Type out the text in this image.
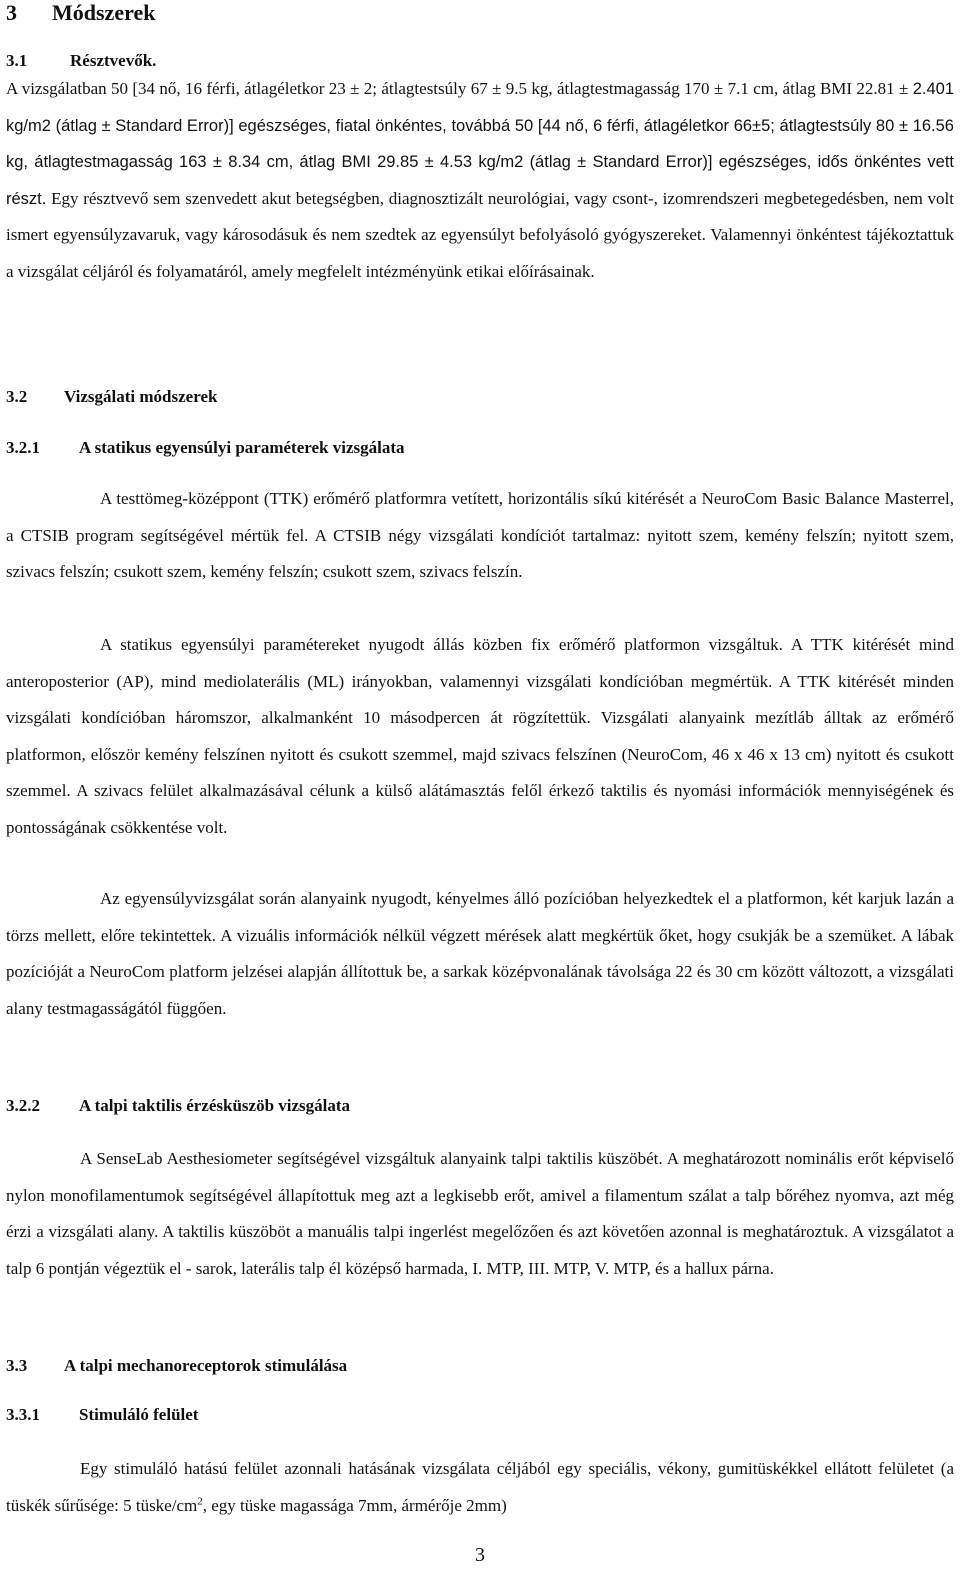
3 Módszerek
3.1	Résztvevők.

A vizsgálatban 50 [34 nő, 16 férfi, átlagéletkor 23 ± 2; átlagtestsúly 67 ± 9.5 kg, átlagtestmagasság 170 ± 7.1 cm, átlag BMI 22.81 ± 2.401 kg/m2 (átlag ± Standard Error)] egészséges, fiatal önkéntes, továbbá 50 [44 nő, 6 férfi, átlagéletkor 66±5; átlagtestsúly 80 ± 16.56 kg, átlagtestmagasság 163 ± 8.34 cm, átlag BMI 29.85 ± 4.53 kg/m2 (átlag ± Standard Error)] egészséges, idős önkéntes vett részt. Egy résztvevő sem szenvedett akut betegségben, diagnosztizált neurológiai, vagy csont-, izomrendszeri megbetegedésben, nem volt ismert egyensúlyzavaruk, vagy károsodásuk és nem szedtek az egyensúlyt befolyásoló gyógyszereket. Valamennyi önkéntest tájékoztattuk a vizsgálat céljáról és folyamatáról, amely megfelelt intézményünk etikai előírásainak.

3.2 Vizsgálati módszerek
3.2.1 A statikus egyensúlyi paraméterek vizsgálata

A testtömeg-középpont (TTK) erőmérő platformra vetített, horizontális síkú kitérését a NeuroCom Basic Balance Masterrel, a CTSIB program segítségével mértük fel. A CTSIB négy vizsgálati kondíciót tartalmaz: nyitott szem, kemény felszín; nyitott szem, szivacs felszín; csukott szem, kemény felszín; csukott szem, szivacs felszín.

A statikus egyensúlyi paramétereket nyugodt állás közben fix erőmérő platformon vizsgáltuk. A TTK kitérését mind anteroposterior (AP), mind mediolaterális (ML) irányokban, valamennyi vizsgálati kondícióban megmértük. A TTK kitérését minden vizsgálati kondícióban háromszor, alkalmanként 10 másodpercen át rögzítettük. Vizsgálati alanyaink mezítláb álltak az erőmérő platformon, először kemény felszínen nyitott és csukott szemmel, majd szivacs felszínen (NeuroCom, 46 x 46 x 13 cm) nyitott és csukott szemmel. A szivacs felület alkalmazásával célunk a külső alátámasztás felől érkező taktilis és nyomási információk mennyiségének és pontosságának csökkentése volt.

Az egyensúlyvizsgálat során alanyaink nyugodt, kényelmes álló pozícióban helyezkedtek el a platformon, két karjuk lazán a törzs mellett, előre tekintettek. A vizuális információk nélkül végzett mérések alatt megkértük őket, hogy csukják be a szemüket. A lábak pozícióját a NeuroCom platform jelzései alapján állítottuk be, a sarkak középvonalának távolsága 22 és 30 cm között változott, a vizsgálati alany testmagasságától függően.

3.2.2 A talpi taktilis érzésküszöb vizsgálata

A SenseLab Aesthesiometer segítségével vizsgáltuk alanyaink talpi taktilis küszöbét. A meghatározott nominális erőt képviselő nylon monofilamentumok segítségével állapítottuk meg azt a legkisebb erőt, amivel a filamentum szálat a talp bőréhez nyomva, azt még érzi a vizsgálati alany. A taktilis küszöböt a manuális talpi ingerlést megelőzően és azt követően azonnal is meghatároztuk. A vizsgálatot a talp 6 pontján végeztük el - sarok, laterális talp él középső harmada, I. MTP, III. MTP, V. MTP, és a hallux párna.

3.3 A talpi mechanoreceptorok stimulálása
3.3.1 Stimuláló felület

Egy stimuláló hatású felület azonnali hatásának vizsgálata céljából egy speciális, vékony, gumitüskékkel ellátott felületet (a tüskék sűrűsége: 5 tüske/$cm^2$, egy tüske magassága 7mm, ármérője 2mm)

3
